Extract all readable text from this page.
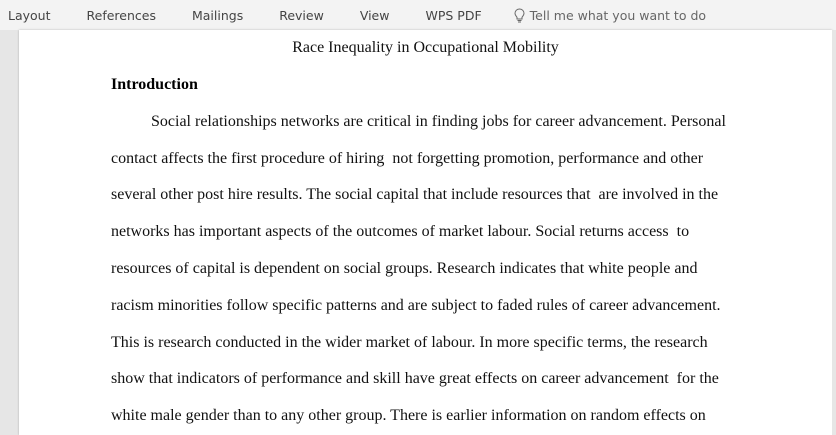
Layout	References	Mailings	Review	View	WPS PDF	Tell me what you want to do
Race Inequality in Occupational Mobility
Introduction
Social relationships networks are critical in finding jobs for career advancement. Personal
contact affects the first procedure of hiring  not forgetting promotion, performance and other
several other post hire results. The social capital that include resources that  are involved in the
networks has important aspects of the outcomes of market labour. Social returns access  to
resources of capital is dependent on social groups. Research indicates that white people and
racism minorities follow specific patterns and are subject to faded rules of career advancement.
This is research conducted in the wider market of labour. In more specific terms, the research
show that indicators of performance and skill have great effects on career advancement  for the
white male gender than to any other group. There is earlier information on random effects on
